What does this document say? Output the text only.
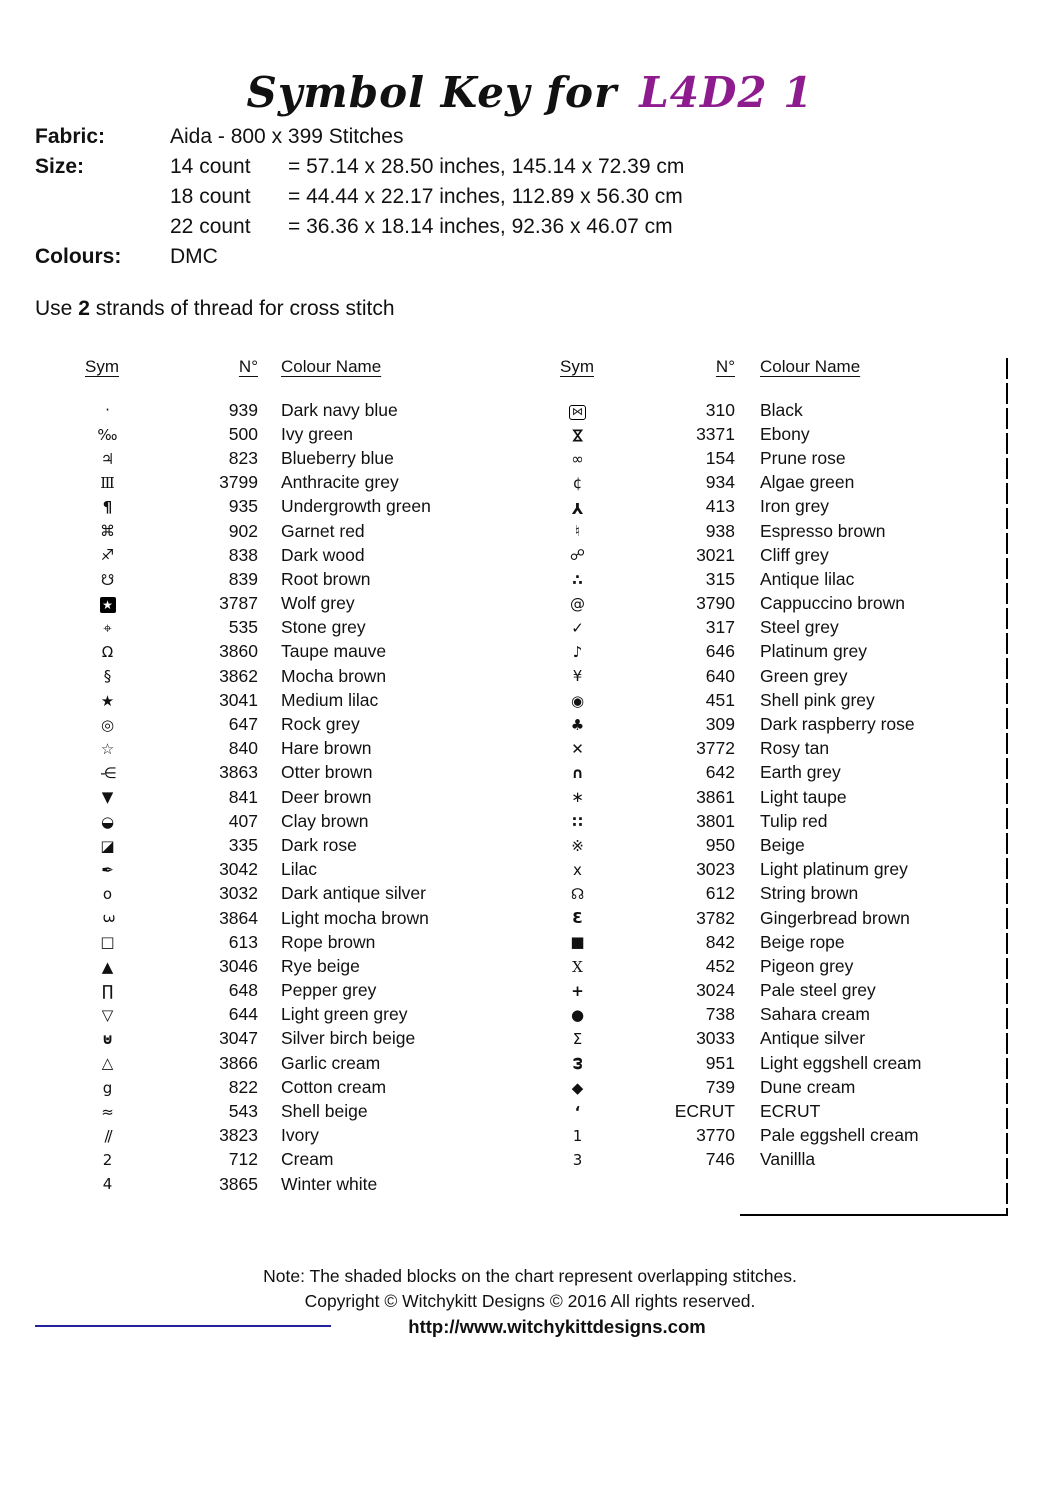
Symbol Key for L4D2 1
Fabric:	Aida - 800 x 399 Stitches
Size:	14 count	= 57.14 x 28.50 inches, 145.14 x 72.39 cm
18 count	= 44.44 x 22.17 inches, 112.89 x 56.30 cm
22 count	= 36.36 x 18.14 inches, 92.36 x 46.07 cm
Colours:	DMC
Use 2 strands of thread for cross stitch
Sym	N°	Colour Name
·	939	Dark navy blue
‰	500	Ivy green
♃	823	Blueberry blue
Ⅲ	3799	Anthracite grey
¶	935	Undergrowth green
⌘	902	Garnet red
♐	838	Dark wood
☋	839	Root brown
★	3787	Wolf grey
⌖	535	Stone grey
Ω	3860	Taupe mauve
§	3862	Mocha brown
★	3041	Medium lilac
◎	647	Rock grey
☆	840	Hare brown
-∈	3863	Otter brown
▼	841	Deer brown
◒	407	Clay brown
◪	335	Dark rose
✒	3042	Lilac
o	3032	Dark antique silver
3	3864	Light mocha brown
□	613	Rope brown
▲	3046	Rye beige
∏	648	Pepper grey
▽	644	Light green grey
⊍	3047	Silver birch beige
△	3866	Garlic cream
g	822	Cotton cream
≈	543	Shell beige
//	3823	Ivory
2	712	Cream
4	3865	Winter white
Sym	N°	Colour Name
⋈	310	Black
⋈	3371	Ebony
∞	154	Prune rose
¢	934	Algae green
Y	413	Iron grey
♮	938	Espresso brown
☍	3021	Cliff grey
∴	315	Antique lilac
@	3790	Cappuccino brown
✓	317	Steel grey
♪	646	Platinum grey
¥	640	Green grey
◉	451	Shell pink grey
♣	309	Dark raspberry rose
✕	3772	Rosy tan
∩	642	Earth grey
∗	3861	Light taupe
∷	3801	Tulip red
※	950	Beige
x	3023	Light platinum grey
☊	612	String brown
Ɛ	3782	Gingerbread brown
■	842	Beige rope
X	452	Pigeon grey
+	3024	Pale steel grey
●	738	Sahara cream
Σ	3033	Antique silver
ω	951	Light eggshell cream
◆	739	Dune cream
‘	ECRUT	ECRUT
1	3770	Pale eggshell cream
3	746	Vanillla
Note: The shaded blocks on the chart represent overlapping stitches.
Copyright © Witchykitt Designs © 2016 All rights reserved.
http://www.witchykittdesigns.com
